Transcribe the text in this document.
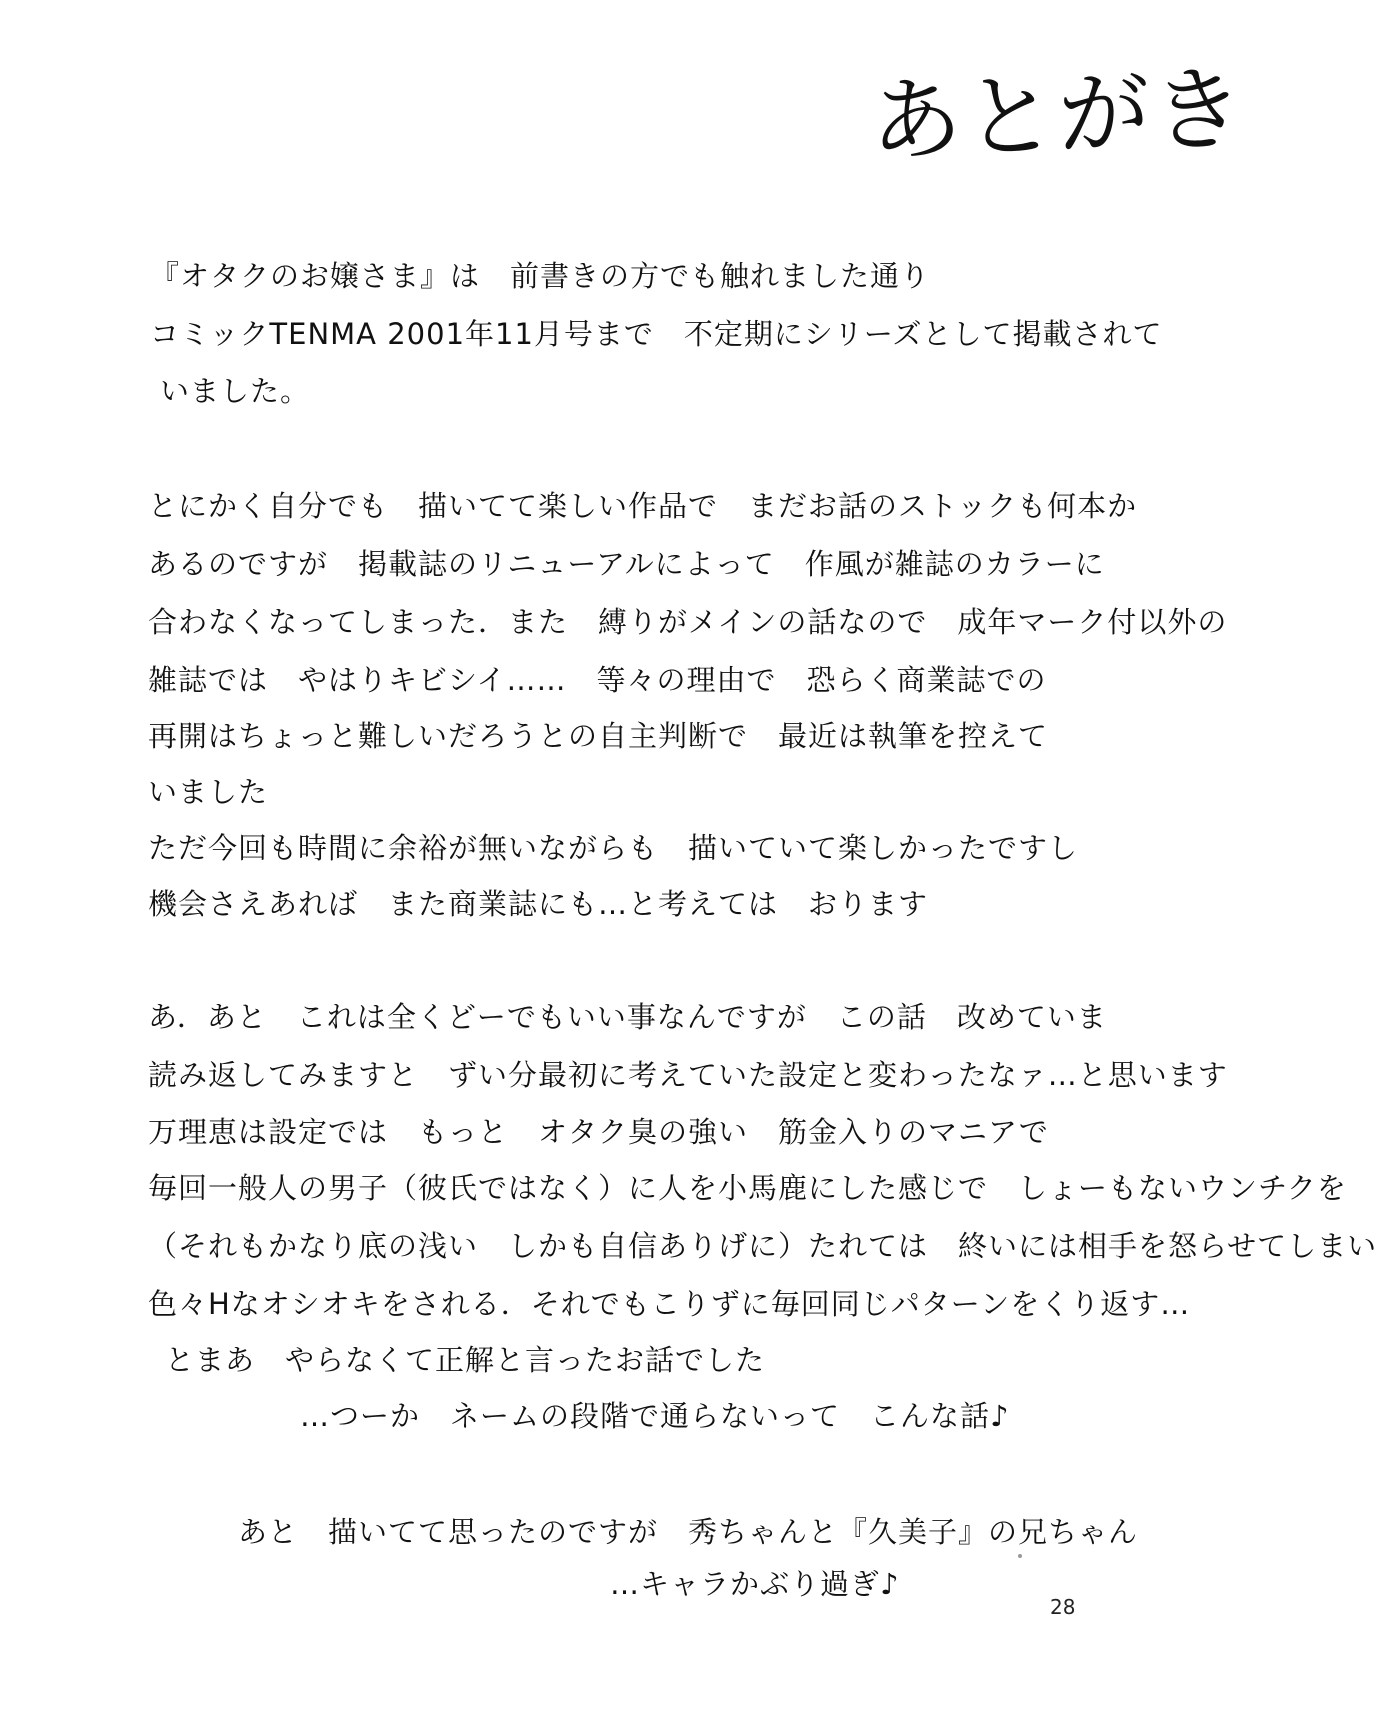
あとがき
『オタクのお嬢さま』は　前書きの方でも触れました通り
コミックTENMA 2001年11月号まで　不定期にシリーズとして掲載されて
いました。
とにかく自分でも　描いてて楽しい作品で　まだお話のストックも何本か
あるのですが　掲載誌のリニューアルによって　作風が雑誌のカラーに
合わなくなってしまった．また　縛りがメインの話なので　成年マーク付以外の
雑誌では　やはりキビシイ……　等々の理由で　恐らく商業誌での
再開はちょっと難しいだろうとの自主判断で　最近は執筆を控えて
いました
ただ今回も時間に余裕が無いながらも　描いていて楽しかったですし
機会さえあれば　また商業誌にも…と考えては　おります
あ．あと　これは全くどーでもいい事なんですが　この話　改めていま
読み返してみますと　ずい分最初に考えていた設定と変わったなァ…と思います
万理恵は設定では　もっと　オタク臭の強い　筋金入りのマニアで
毎回一般人の男子（彼氏ではなく）に人を小馬鹿にした感じで　しょーもないウンチクを
（それもかなり底の浅い　しかも自信ありげに）たれては　終いには相手を怒らせてしまい
色々Hなオシオキをされる．それでもこりずに毎回同じパターンをくり返す…
とまあ　やらなくて正解と言ったお話でした
…つーか　ネームの段階で通らないって　こんな話♪
あと　描いてて思ったのですが　秀ちゃんと『久美子』の兄ちゃん
…キャラかぶり過ぎ♪
28
